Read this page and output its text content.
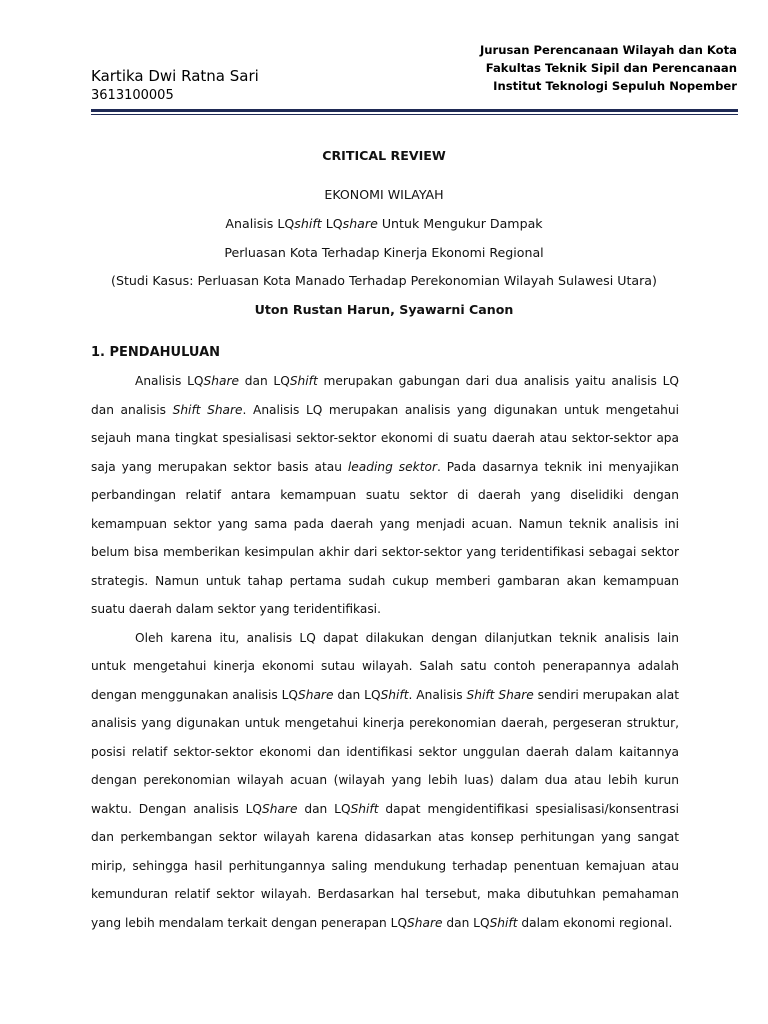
Kartika Dwi Ratna Sari
3613100005
Jurusan Perencanaan Wilayah dan Kota
Fakultas Teknik Sipil dan Perencanaan
Institut Teknologi Sepuluh Nopember
CRITICAL REVIEW
EKONOMI WILAYAH
Analisis LQshift LQshare Untuk Mengukur Dampak
Perluasan Kota Terhadap Kinerja Ekonomi Regional
(Studi Kasus: Perluasan Kota Manado Terhadap Perekonomian Wilayah Sulawesi Utara)
Uton Rustan Harun, Syawarni Canon
1. PENDAHULUAN

Analisis LQShare dan LQShift merupakan gabungan dari dua analisis yaitu analisis LQ dan analisis Shift Share. Analisis LQ merupakan analisis yang digunakan untuk mengetahui sejauh mana tingkat spesialisasi sektor-sektor ekonomi di suatu daerah atau sektor-sektor apa saja yang merupakan sektor basis atau leading sektor. Pada dasarnya teknik ini menyajikan perbandingan relatif antara kemampuan suatu sektor di daerah yang diselidiki dengan kemampuan sektor yang sama pada daerah yang menjadi acuan. Namun teknik analisis ini belum bisa memberikan kesimpulan akhir dari sektor-sektor yang teridentifikasi sebagai sektor strategis. Namun untuk tahap pertama sudah cukup memberi gambaran akan kemampuan suatu daerah dalam sektor yang teridentifikasi.

Oleh karena itu, analisis LQ dapat dilakukan dengan dilanjutkan teknik analisis lain untuk mengetahui kinerja ekonomi sutau wilayah. Salah satu contoh penerapannya adalah dengan menggunakan analisis LQShare dan LQShift. Analisis Shift Share sendiri merupakan alat analisis yang digunakan untuk mengetahui kinerja perekonomian daerah, pergeseran struktur, posisi relatif sektor-sektor ekonomi dan identifikasi sektor unggulan daerah dalam kaitannya dengan perekonomian wilayah acuan (wilayah yang lebih luas) dalam dua atau lebih kurun waktu. Dengan analisis LQShare dan LQShift dapat mengidentifikasi spesialisasi/konsentrasi dan perkembangan sektor wilayah karena didasarkan atas konsep perhitungan yang sangat mirip, sehingga hasil perhitungannya saling mendukung terhadap penentuan kemajuan atau kemunduran relatif sektor wilayah. Berdasarkan hal tersebut, maka dibutuhkan pemahaman yang lebih mendalam terkait dengan penerapan LQShare dan LQShift dalam ekonomi regional.
